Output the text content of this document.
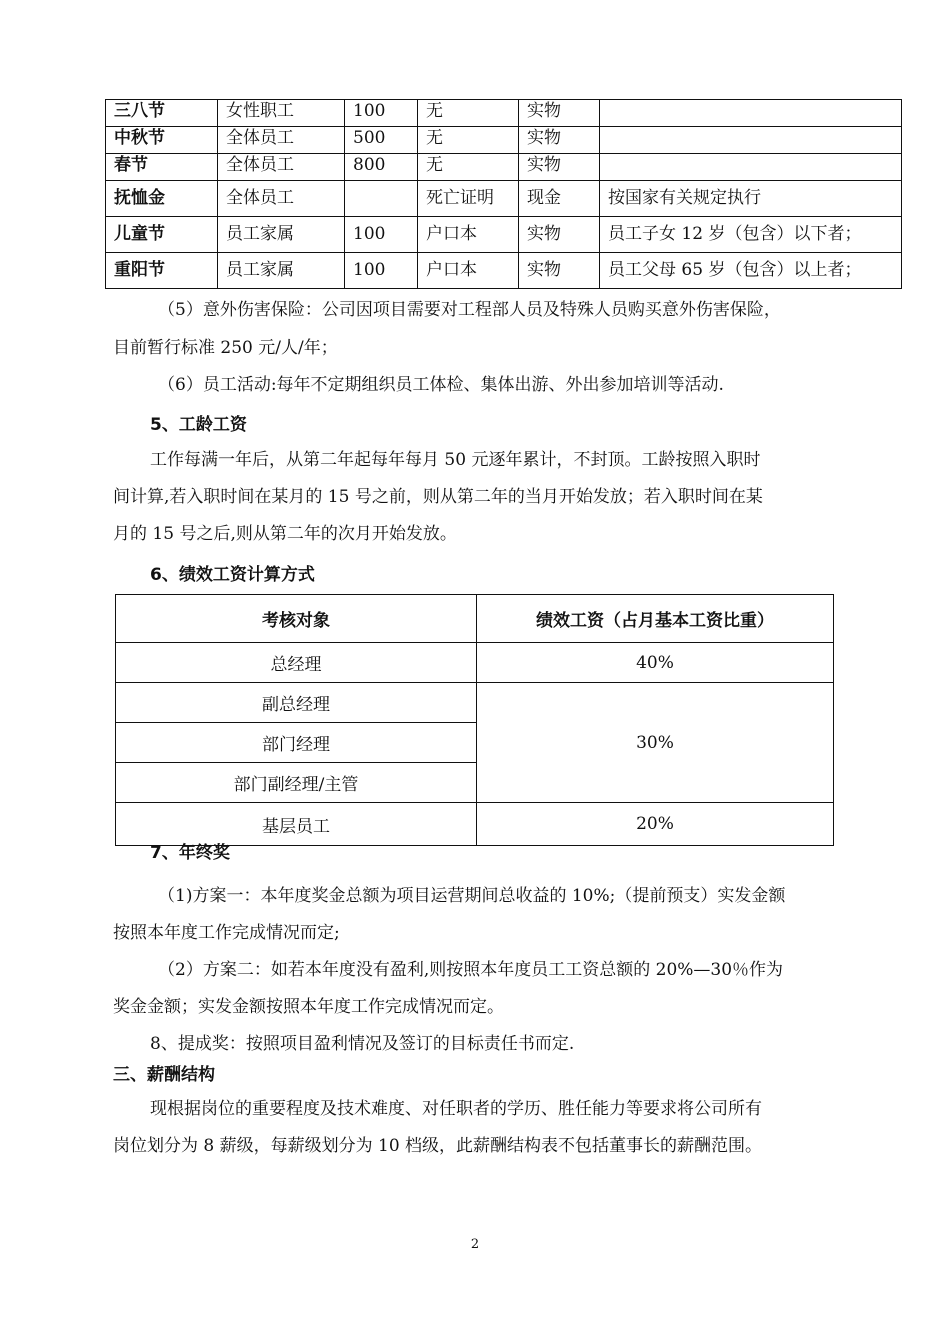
三八节	女性职工	100	无	实物	
中秋节	全体员工	500	无	实物	
春节	全体员工	800	无	实物	
抚恤金	全体员工		死亡证明	现金	按国家有关规定执行
儿童节	员工家属	100	户口本	实物	员工子女 12 岁（包含）以下者；
重阳节	员工家属	100	户口本	实物	员工父母 65 岁（包含）以上者；
（5）意外伤害保险：公司因项目需要对工程部人员及特殊人员购买意外伤害保险，
目前暂行标准 250 元/人/年；
（6）员工活动:每年不定期组织员工体检、集体出游、外出参加培训等活动.
5、工龄工资
工作每满一年后，从第二年起每年每月 50 元逐年累计，不封顶。工龄按照入职时
间计算,若入职时间在某月的 15 号之前，则从第二年的当月开始发放；若入职时间在某
月的 15 号之后,则从第二年的次月开始发放。
6、绩效工资计算方式
考核对象	绩效工资（占月基本工资比重）
总经理	40%
副总经理	30%
部门经理	
部门副经理/主管	
基层员工	20%
7、年终奖
（1)方案一：本年度奖金总额为项目运营期间总收益的 10%;（提前预支）实发金额
按照本年度工作完成情况而定;
（2）方案二：如若本年度没有盈利,则按照本年度员工工资总额的 20%—30％作为
奖金金额；实发金额按照本年度工作完成情况而定。
8、提成奖：按照项目盈利情况及签订的目标责任书而定.
三、薪酬结构
现根据岗位的重要程度及技术难度、对任职者的学历、胜任能力等要求将公司所有
岗位划分为 8 薪级，每薪级划分为 10 档级，此薪酬结构表不包括董事长的薪酬范围。
2
